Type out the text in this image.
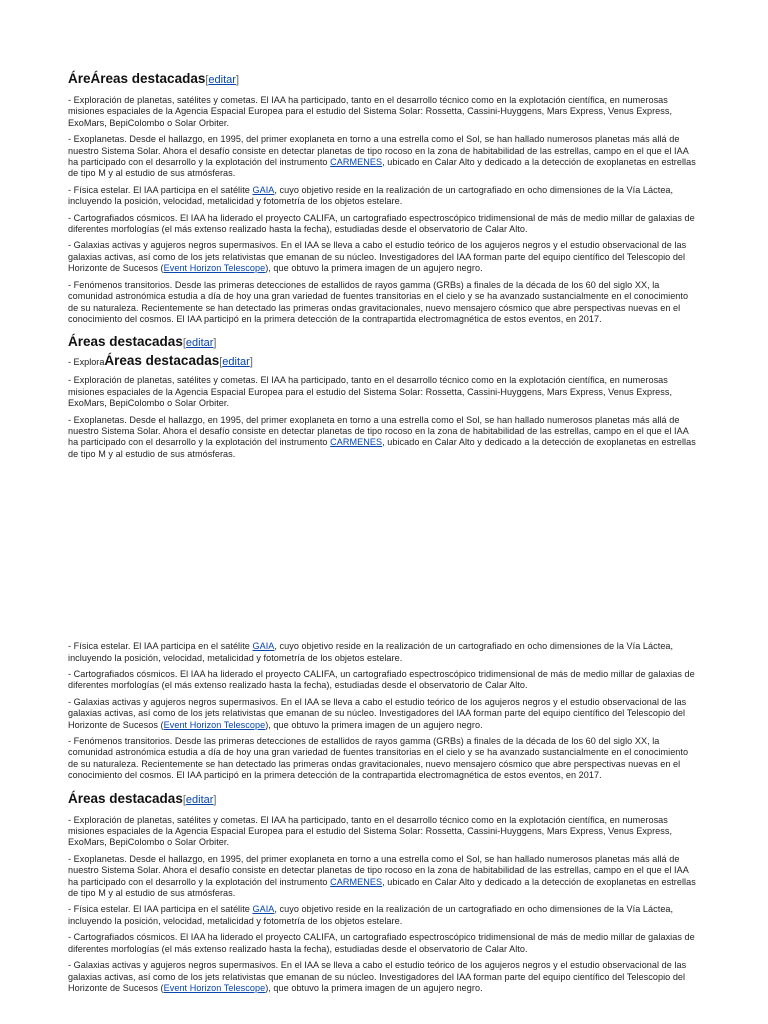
ÁreÁreas destacadas[editar]

- Exploración de planetas, satélites y cometas. El IAA ha participado, tanto en el desarrollo técnico como en la explotación científica, en numerosas misiones espaciales de la Agencia Espacial Europea para el estudio del Sistema Solar: Rossetta, Cassini-Huyggens, Mars Express, Venus Express, ExoMars, BepiColombo o Solar Orbiter.

- Exoplanetas. Desde el hallazgo, en 1995, del primer exoplaneta en torno a una estrella como el Sol, se han hallado numerosos planetas más allá de nuestro Sistema Solar. Ahora el desafío consiste en detectar planetas de tipo rocoso en la zona de habitabilidad de las estrellas, campo en el que el IAA ha participado con el desarrollo y la explotación del instrumento CARMENES, ubicado en Calar Alto y dedicado a la detección de exoplanetas en estrellas de tipo M y al estudio de sus atmósferas.

- Física estelar. El IAA participa en el satélite GAIA, cuyo objetivo reside en la realización de un cartografiado en ocho dimensiones de la Vía Láctea, incluyendo la posición, velocidad, metalicidad y fotometría de los objetos estelare.

- Cartografiados cósmicos. El IAA ha liderado el proyecto CALIFA, un cartografiado espectroscópico tridimensional de más de medio millar de galaxias de diferentes morfologías (el más extenso realizado hasta la fecha), estudiadas desde el observatorio de Calar Alto.

- Galaxias activas y agujeros negros supermasivos. En el IAA se lleva a cabo el estudio teórico de los agujeros negros y el estudio observacional de las galaxias activas, así como de los jets relativistas que emanan de su núcleo. Investigadores del IAA forman parte del equipo científico del Telescopio del Horizonte de Sucesos (Event Horizon Telescope), que obtuvo la primera imagen de un agujero negro.

- Fenómenos transitorios. Desde las primeras detecciones de estallidos de rayos gamma (GRBs) a finales de la década de los 60 del siglo XX, la comunidad astronómica estudia a día de hoy una gran variedad de fuentes transitorias en el cielo y se ha avanzado sustancialmente en el conocimiento de su naturaleza. Recientemente se han detectado las primeras ondas gravitacionales, nuevo mensajero cósmico que abre perspectivas nuevas en el conocimiento del cosmos. El IAA participó en la primera detección de la contrapartida electromagnética de estos eventos, en 2017.

Áreas destacadas[editar]
- ExploraÁreas destacadas[editar]

- Exploración de planetas, satélites y cometas. El IAA ha participado, tanto en el desarrollo técnico como en la explotación científica, en numerosas misiones espaciales de la Agencia Espacial Europea para el estudio del Sistema Solar: Rossetta, Cassini-Huyggens, Mars Express, Venus Express, ExoMars, BepiColombo o Solar Orbiter.

- Exoplanetas. Desde el hallazgo, en 1995, del primer exoplaneta en torno a una estrella como el Sol, se han hallado numerosos planetas más allá de nuestro Sistema Solar. Ahora el desafío consiste en detectar planetas de tipo rocoso en la zona de habitabilidad de las estrellas, campo en el que el IAA ha participado con el desarrollo y la explotación del instrumento CARMENES, ubicado en Calar Alto y dedicado a la detección de exoplanetas en estrellas de tipo M y al estudio de sus atmósferas.

- Física estelar. El IAA participa en el satélite GAIA, cuyo objetivo reside en la realización de un cartografiado en ocho dimensiones de la Vía Láctea, incluyendo la posición, velocidad, metalicidad y fotometría de los objetos estelare.

- Cartografiados cósmicos. El IAA ha liderado el proyecto CALIFA, un cartografiado espectroscópico tridimensional de más de medio millar de galaxias de diferentes morfologías (el más extenso realizado hasta la fecha), estudiadas desde el observatorio de Calar Alto.

- Galaxias activas y agujeros negros supermasivos. En el IAA se lleva a cabo el estudio teórico de los agujeros negros y el estudio observacional de las galaxias activas, así como de los jets relativistas que emanan de su núcleo. Investigadores del IAA forman parte del equipo científico del Telescopio del Horizonte de Sucesos (Event Horizon Telescope), que obtuvo la primera imagen de un agujero negro.

- Fenómenos transitorios. Desde las primeras detecciones de estallidos de rayos gamma (GRBs) a finales de la década de los 60 del siglo XX, la comunidad astronómica estudia a día de hoy una gran variedad de fuentes transitorias en el cielo y se ha avanzado sustancialmente en el conocimiento de su naturaleza. Recientemente se han detectado las primeras ondas gravitacionales, nuevo mensajero cósmico que abre perspectivas nuevas en el conocimiento del cosmos. El IAA participó en la primera detección de la contrapartida electromagnética de estos eventos, en 2017.

Áreas destacadas[editar]

- Exploración de planetas, satélites y cometas. El IAA ha participado, tanto en el desarrollo técnico como en la explotación científica, en numerosas misiones espaciales de la Agencia Espacial Europea para el estudio del Sistema Solar: Rossetta, Cassini-Huyggens, Mars Express, Venus Express, ExoMars, BepiColombo o Solar Orbiter.

- Exoplanetas. Desde el hallazgo, en 1995, del primer exoplaneta en torno a una estrella como el Sol, se han hallado numerosos planetas más allá de nuestro Sistema Solar. Ahora el desafío consiste en detectar planetas de tipo rocoso en la zona de habitabilidad de las estrellas, campo en el que el IAA ha participado con el desarrollo y la explotación del instrumento CARMENES, ubicado en Calar Alto y dedicado a la detección de exoplanetas en estrellas de tipo M y al estudio de sus atmósferas.

- Física estelar. El IAA participa en el satélite GAIA, cuyo objetivo reside en la realización de un cartografiado en ocho dimensiones de la Vía Láctea, incluyendo la posición, velocidad, metalicidad y fotometría de los objetos estelare.

- Cartografiados cósmicos. El IAA ha liderado el proyecto CALIFA, un cartografiado espectroscópico tridimensional de más de medio millar de galaxias de diferentes morfologías (el más extenso realizado hasta la fecha), estudiadas desde el observatorio de Calar Alto.

- Galaxias activas y agujeros negros supermasivos. En el IAA se lleva a cabo el estudio teórico de los agujeros negros y el estudio observacional de las galaxias activas, así como de los jets relativistas que emanan de su núcleo. Investigadores del IAA forman parte del equipo científico del Telescopio del Horizonte de Sucesos (Event Horizon Telescope), que obtuvo la primera imagen de un agujero negro.
